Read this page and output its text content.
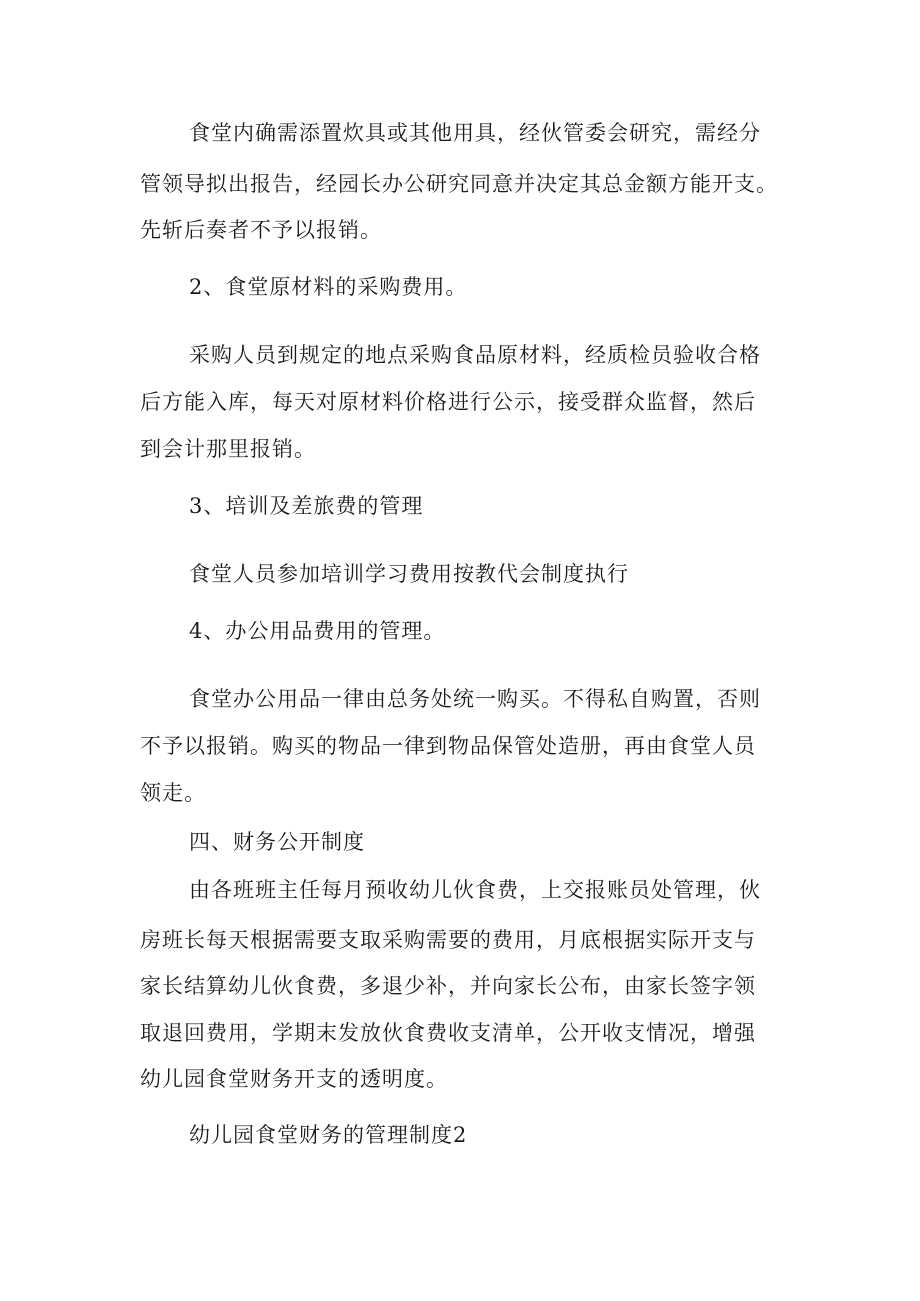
食堂内确需添置炊具或其他用具，经伙管委会研究，需经分
管领导拟出报告，经园长办公研究同意并决定其总金额方能开支。
先斩后奏者不予以报销。
2、食堂原材料的采购费用。
采购人员到规定的地点采购食品原材料，经质检员验收合格
后方能入库，每天对原材料价格进行公示，接受群众监督，然后
到会计那里报销。
3、培训及差旅费的管理
食堂人员参加培训学习费用按教代会制度执行
4、办公用品费用的管理。
食堂办公用品一律由总务处统一购买。不得私自购置，否则
不予以报销。购买的物品一律到物品保管处造册，再由食堂人员
领走。
四、财务公开制度
由各班班主任每月预收幼儿伙食费，上交报账员处管理，伙
房班长每天根据需要支取采购需要的费用，月底根据实际开支与
家长结算幼儿伙食费，多退少补，并向家长公布，由家长签字领
取退回费用，学期末发放伙食费收支清单，公开收支情况，增强
幼儿园食堂财务开支的透明度。
幼儿园食堂财务的管理制度2
